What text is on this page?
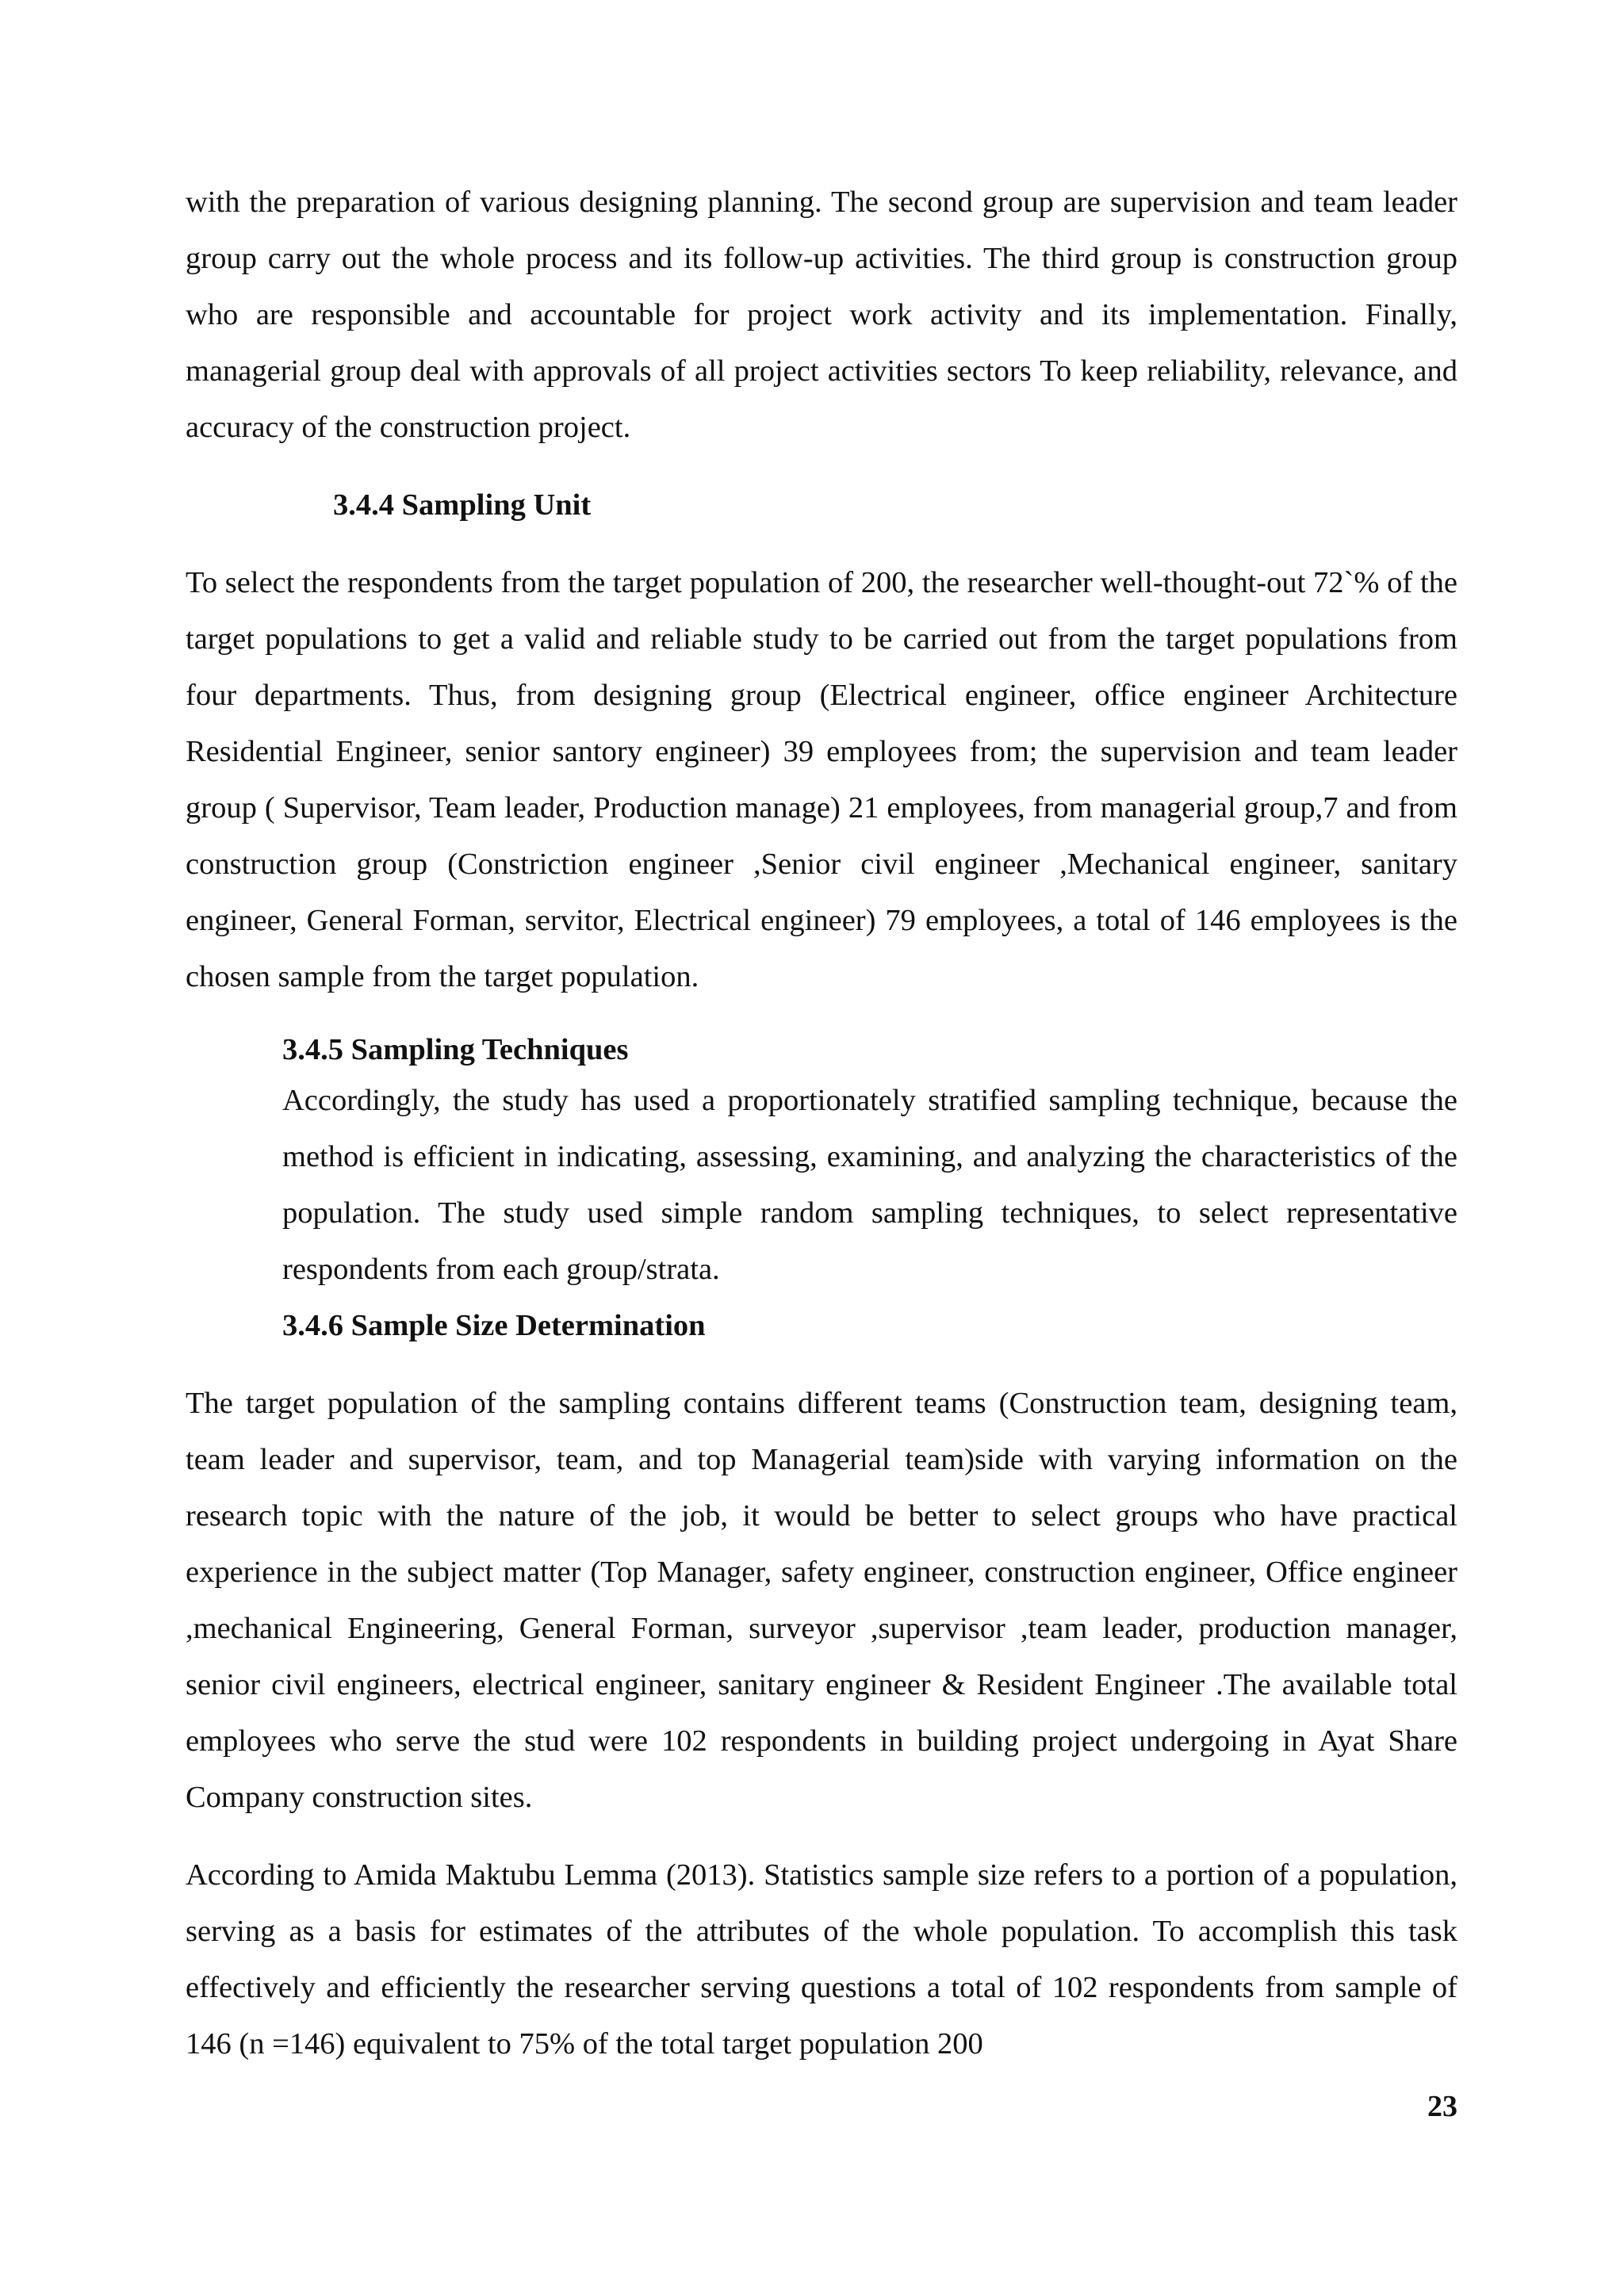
with the preparation of various designing planning. The second group are supervision and team leader group carry out the whole process and its follow-up activities. The third group is construction group who are responsible and accountable for project work activity and its implementation. Finally, managerial group deal with approvals of all project activities sectors To keep reliability, relevance, and accuracy of the construction project.

3.4.4 Sampling Unit

To select the respondents from the target population of 200, the researcher well-thought-out 72`% of the target populations to get a valid and reliable study to be carried out from the target populations from four departments. Thus, from designing group (Electrical engineer, office engineer Architecture Residential Engineer, senior santory engineer) 39 employees from; the supervision and team leader group ( Supervisor, Team leader, Production manage) 21 employees, from managerial group,7 and from construction group (Constriction engineer ,Senior civil engineer ,Mechanical engineer, sanitary engineer, General Forman, servitor, Electrical engineer) 79 employees, a total of 146 employees is the chosen sample from the target population.

3.4.5 Sampling Techniques

Accordingly, the study has used a proportionately stratified sampling technique, because the method is efficient in indicating, assessing, examining, and analyzing the characteristics of the population. The study used simple random sampling techniques, to select representative respondents from each group/strata.

3.4.6 Sample Size Determination

The target population of the sampling contains different teams (Construction team, designing team, team leader and supervisor, team, and top Managerial team)side with varying information on the research topic with the nature of the job, it would be better to select groups who have practical experience in the subject matter (Top Manager, safety engineer, construction engineer, Office engineer ,mechanical Engineering, General Forman, surveyor ,supervisor ,team leader, production manager, senior civil engineers, electrical engineer, sanitary engineer & Resident Engineer .The available total employees who serve the stud were 102 respondents in building project undergoing in Ayat Share Company construction sites.

According to Amida Maktubu Lemma (2013). Statistics sample size refers to a portion of a population, serving as a basis for estimates of the attributes of the whole population. To accomplish this task effectively and efficiently the researcher serving questions a total of 102 respondents from sample of 146 (n =146) equivalent to 75% of the total target population 200

23
